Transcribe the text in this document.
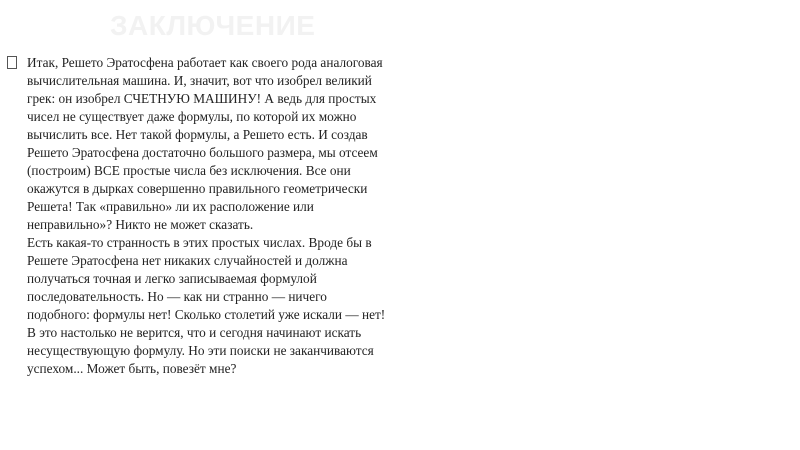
ЗАКЛЮЧЕНИЕ

Итак, Решето Эратосфена работает как своего рода аналоговая вычислительная машина. И, значит, вот что изобрел великий грек: он изобрел СЧЕТНУЮ МАШИНУ! А ведь для простых чисел не существует даже формулы, по которой их можно вычислить все. Нет такой формулы, а Решето есть. И создав Решето Эратосфена достаточно большого размера, мы отсеем (построим) ВСЕ простые числа без исключения. Все они окажутся в дырках совершенно правильного геометрически Решета! Так «правильно» ли их расположение или неправильно»? Никто не может сказать.

Есть какая-то странность в этих простых числах. Вроде бы в Решете Эратосфена нет никаких случайностей и должна получаться точная и легко записываемая формулой последовательность. Но — как ни странно — ничего подобного: формулы нет! Сколько столетий уже искали — нет!

В это настолько не верится, что и сегодня начинают искать несуществующую формулу. Но эти поиски не заканчиваются успехом... Может быть, повезёт мне?
